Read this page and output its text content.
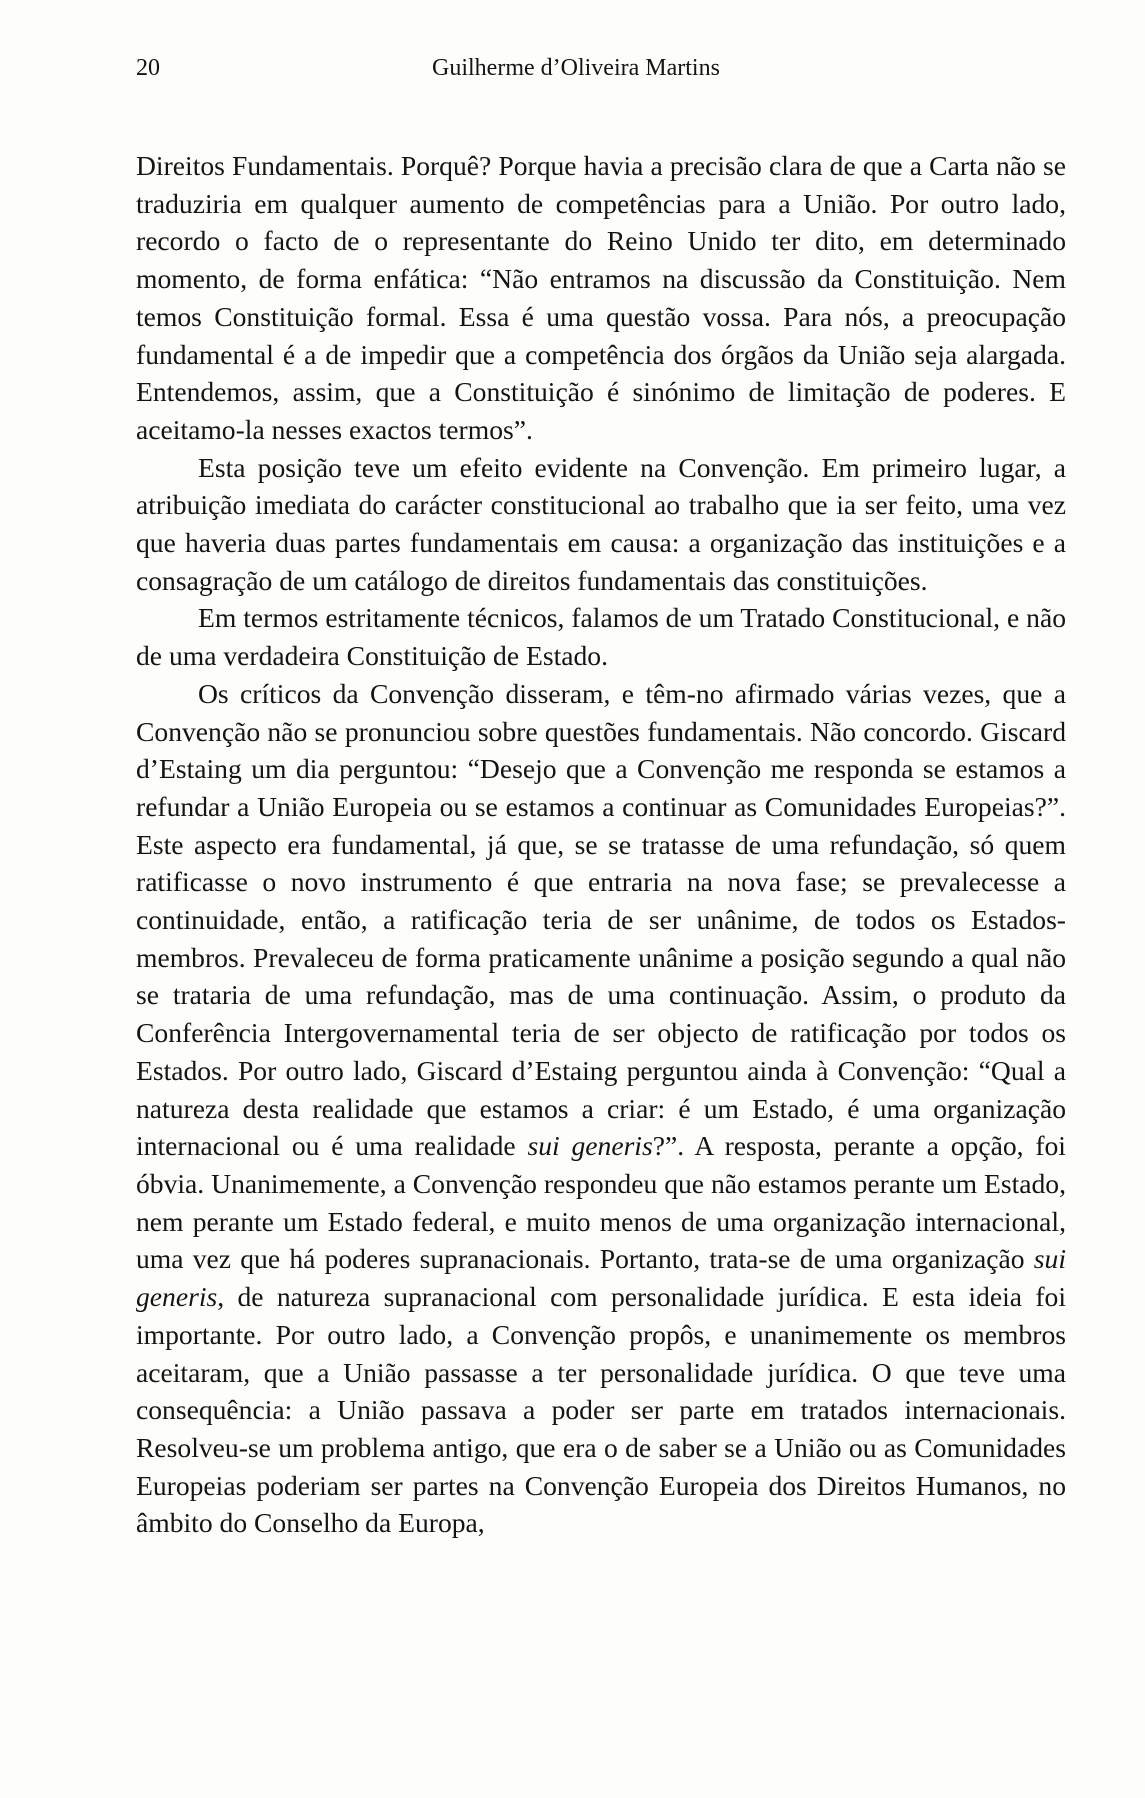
20	Guilherme d’Oliveira Martins

Direitos Fundamentais. Porquê? Porque havia a precisão clara de que a Carta não se traduziria em qualquer aumento de competências para a União. Por outro lado, recordo o facto de o representante do Reino Unido ter dito, em determinado momento, de forma enfática: “Não entramos na discussão da Constituição. Nem temos Constituição formal. Essa é uma questão vossa. Para nós, a preocupação fundamental é a de impedir que a competência dos órgãos da União seja alargada. Entendemos, assim, que a Constituição é sinónimo de limitação de poderes. E aceitamo-la nesses exactos termos”.

Esta posição teve um efeito evidente na Convenção. Em primeiro lugar, a atribuição imediata do carácter constitucional ao trabalho que ia ser feito, uma vez que haveria duas partes fundamentais em causa: a organização das instituições e a consagração de um catálogo de direitos fundamentais das constituições.

Em termos estritamente técnicos, falamos de um Tratado Constitucional, e não de uma verdadeira Constituição de Estado.

Os críticos da Convenção disseram, e têm-no afirmado várias vezes, que a Convenção não se pronunciou sobre questões fundamentais. Não concordo. Giscard d’Estaing um dia perguntou: “Desejo que a Convenção me responda se estamos a refundar a União Europeia ou se estamos a continuar as Comunidades Europeias?”. Este aspecto era fundamental, já que, se se tratasse de uma refundação, só quem ratificasse o novo instrumento é que entraria na nova fase; se prevalecesse a continuidade, então, a ratificação teria de ser unânime, de todos os Estados-membros. Prevaleceu de forma praticamente unânime a posição segundo a qual não se trataria de uma refundação, mas de uma continuação. Assim, o produto da Conferência Intergovernamental teria de ser objecto de ratificação por todos os Estados. Por outro lado, Giscard d’Estaing perguntou ainda à Convenção: “Qual a natureza desta realidade que estamos a criar: é um Estado, é uma organização internacional ou é uma realidade sui generis?”. A resposta, perante a opção, foi óbvia. Unanimemente, a Convenção respondeu que não estamos perante um Estado, nem perante um Estado federal, e muito menos de uma organização internacional, uma vez que há poderes supranacionais. Portanto, trata-se de uma organização sui generis, de natureza supranacional com personalidade jurídica. E esta ideia foi importante. Por outro lado, a Convenção propôs, e unanimemente os membros aceitaram, que a União passasse a ter personalidade jurídica. O que teve uma consequência: a União passava a poder ser parte em tratados internacionais. Resolveu-se um problema antigo, que era o de saber se a União ou as Comunidades Europeias poderiam ser partes na Convenção Europeia dos Direitos Humanos, no âmbito do Conselho da Europa,
